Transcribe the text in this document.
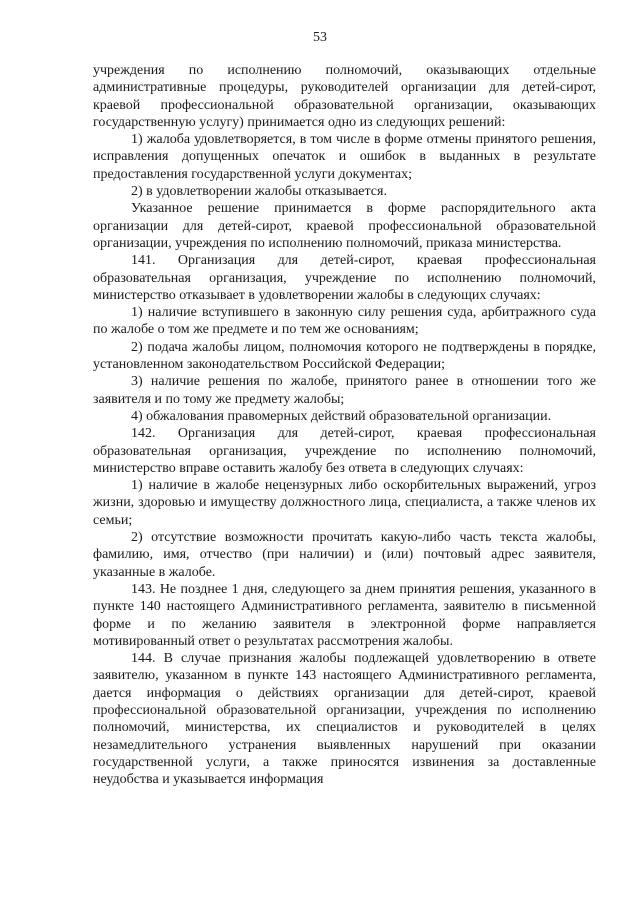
53

учреждения по исполнению полномочий, оказывающих отдельные административные процедуры, руководителей организации для детей-сирот, краевой профессиональной образовательной организации, оказывающих государственную услугу) принимается одно из следующих решений:

1) жалоба удовлетворяется, в том числе в форме отмены принятого решения, исправления допущенных опечаток и ошибок в выданных в результате предоставления государственной услуги документах;

2) в удовлетворении жалобы отказывается.

Указанное решение принимается в форме распорядительного акта организации для детей-сирот, краевой профессиональной образовательной организации, учреждения по исполнению полномочий, приказа министерства.

141. Организация для детей-сирот, краевая профессиональная образовательная организация, учреждение по исполнению полномочий, министерство отказывает в удовлетворении жалобы в следующих случаях:

1) наличие вступившего в законную силу решения суда, арбитражного суда по жалобе о том же предмете и по тем же основаниям;

2) подача жалобы лицом, полномочия которого не подтверждены в порядке, установленном законодательством Российской Федерации;

3) наличие решения по жалобе, принятого ранее в отношении того же заявителя и по тому же предмету жалобы;

4) обжалования правомерных действий образовательной организации.

142. Организация для детей-сирот, краевая профессиональная образовательная организация, учреждение по исполнению полномочий, министерство вправе оставить жалобу без ответа в следующих случаях:

1) наличие в жалобе нецензурных либо оскорбительных выражений, угроз жизни, здоровью и имуществу должностного лица, специалиста, а также членов их семьи;

2) отсутствие возможности прочитать какую-либо часть текста жалобы, фамилию, имя, отчество (при наличии) и (или) почтовый адрес заявителя, указанные в жалобе.

143. Не позднее 1 дня, следующего за днем принятия решения, указанного в пункте 140 настоящего Административного регламента, заявителю в письменной форме и по желанию заявителя в электронной форме направляется мотивированный ответ о результатах рассмотрения жалобы.

144. В случае признания жалобы подлежащей удовлетворению в ответе заявителю, указанном в пункте 143 настоящего Административного регламента, дается информация о действиях организации для детей-сирот, краевой профессиональной образовательной организации, учреждения по исполнению полномочий, министерства, их специалистов и руководителей в целях незамедлительного устранения выявленных нарушений при оказании государственной услуги, а также приносятся извинения за доставленные неудобства и указывается информация
